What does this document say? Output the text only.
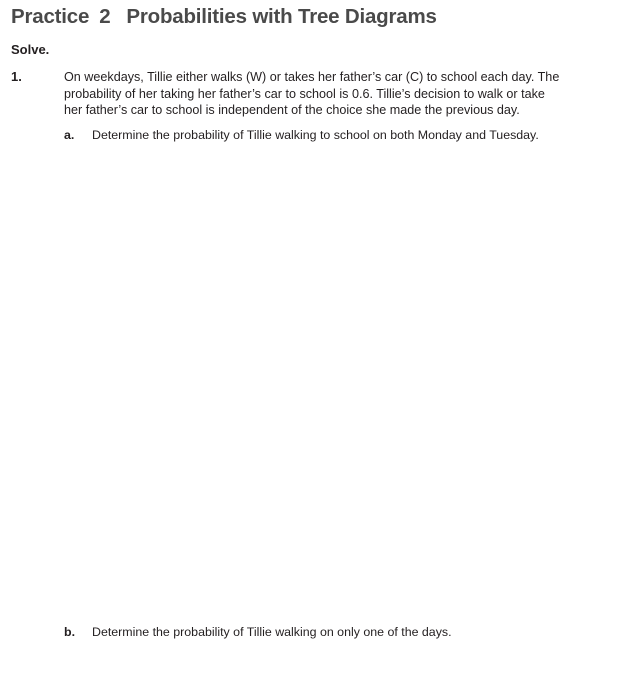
Practice 2 Probabilities with Tree Diagrams
Solve.
1.	On weekdays, Tillie either walks (W) or takes her father’s car (C) to school each day. The
probability of her taking her father’s car to school is 0.6. Tillie’s decision to walk or take
her father’s car to school is independent of the choice she made the previous day.
a. Determine the probability of Tillie walking to school on both Monday and Tuesday.
b. Determine the probability of Tillie walking on only one of the days.
